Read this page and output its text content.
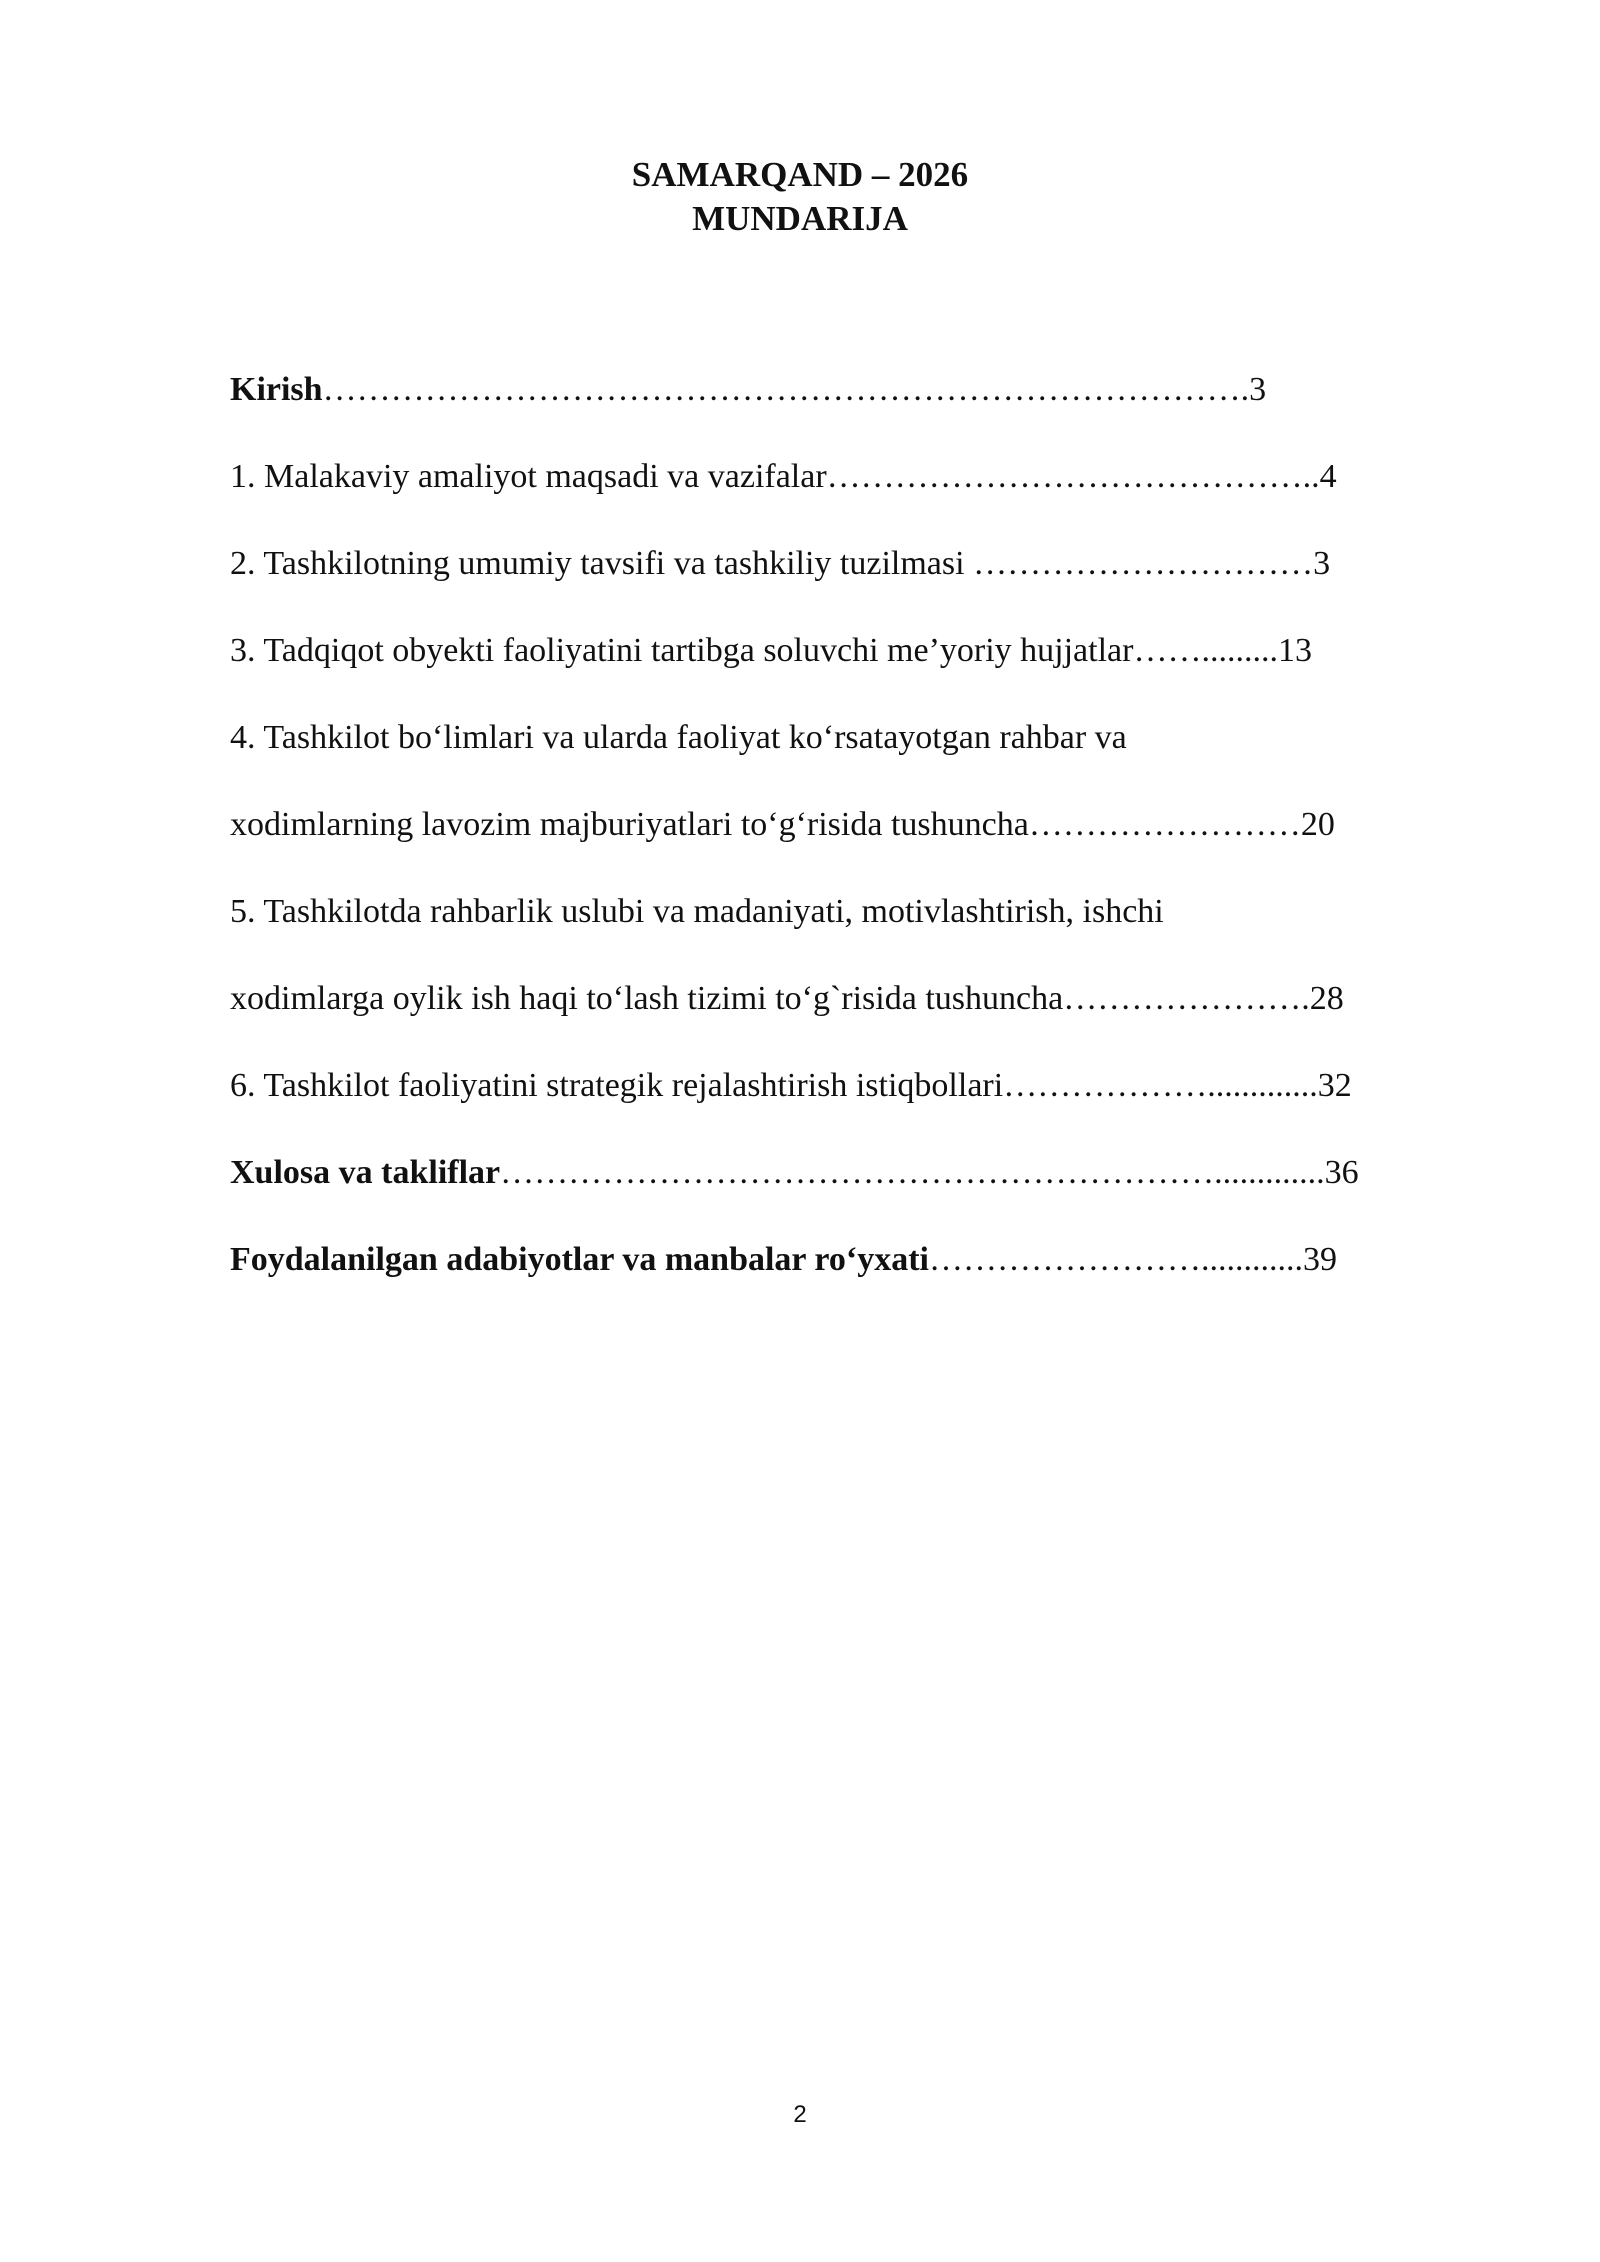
SAMARQAND – 2026
MUNDARIJA
Kirish……………………………………………………………………….3
1. Malakaviy amaliyot maqsadi va vazifalar……………………………………..4
2. Tashkilotning umumiy tavsifi va tashkiliy tuzilmasi …………………………3
3. Tadqiqot obyekti faoliyatini tartibga soluvchi me’yoriy hujjatlar…….........13
4. Tashkilot bo‘limlari va ularda faoliyat ko‘rsatayotgan rahbar va
xodimlarning lavozim majburiyatlari to‘g‘risida tushuncha……………………20
5. Tashkilotda rahbarlik uslubi va madaniyati, motivlashtirish, ishchi
xodimlarga oylik ish haqi to‘lash tizimi to‘g`risida tushuncha………………….28
6. Tashkilot faoliyatini strategik rejalashtirish istiqbollari……………….............32
Xulosa va takliflar……………………………………………………….............36
Foydalanilgan adabiyotlar va manbalar ro‘yxati……………………............39
2
